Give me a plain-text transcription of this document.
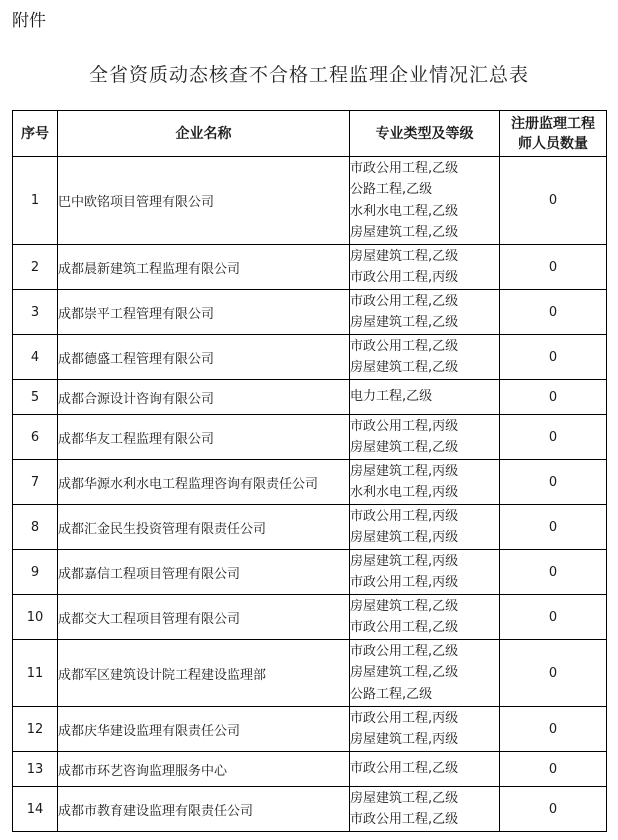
附件
全省资质动态核查不合格工程监理企业情况汇总表
序号	企业名称	专业类型及等级	注册监理工程
师人员数量

1	巴中欧铭项目管理有限公司	市政公用工程,乙级
公路工程,乙级
水利水电工程,乙级
房屋建筑工程,乙级	0
2	成都晨新建筑工程监理有限公司	房屋建筑工程,乙级
市政公用工程,丙级	0
3	成都崇平工程管理有限公司	市政公用工程,乙级
房屋建筑工程,乙级	0
4	成都德盛工程管理有限公司	市政公用工程,乙级
房屋建筑工程,乙级	0
5	成都合源设计咨询有限公司	电力工程,乙级	0
6	成都华友工程监理有限公司	市政公用工程,丙级
房屋建筑工程,乙级	0
7	成都华源水利水电工程监理咨询有限责任公司	房屋建筑工程,丙级
水利水电工程,丙级	0
8	成都汇金民生投资管理有限责任公司	市政公用工程,丙级
房屋建筑工程,丙级	0
9	成都嘉信工程项目管理有限公司	房屋建筑工程,丙级
市政公用工程,丙级	0
10	成都交大工程项目管理有限公司	房屋建筑工程,乙级
市政公用工程,乙级	0
11	成都军区建筑设计院工程建设监理部	市政公用工程,乙级
房屋建筑工程,乙级
公路工程,乙级	0
12	成都庆华建设监理有限责任公司	市政公用工程,丙级
房屋建筑工程,丙级	0
13	成都市环艺咨询监理服务中心	市政公用工程,乙级	0
14	成都市教育建设监理有限责任公司	房屋建筑工程,乙级
市政公用工程,乙级	0
